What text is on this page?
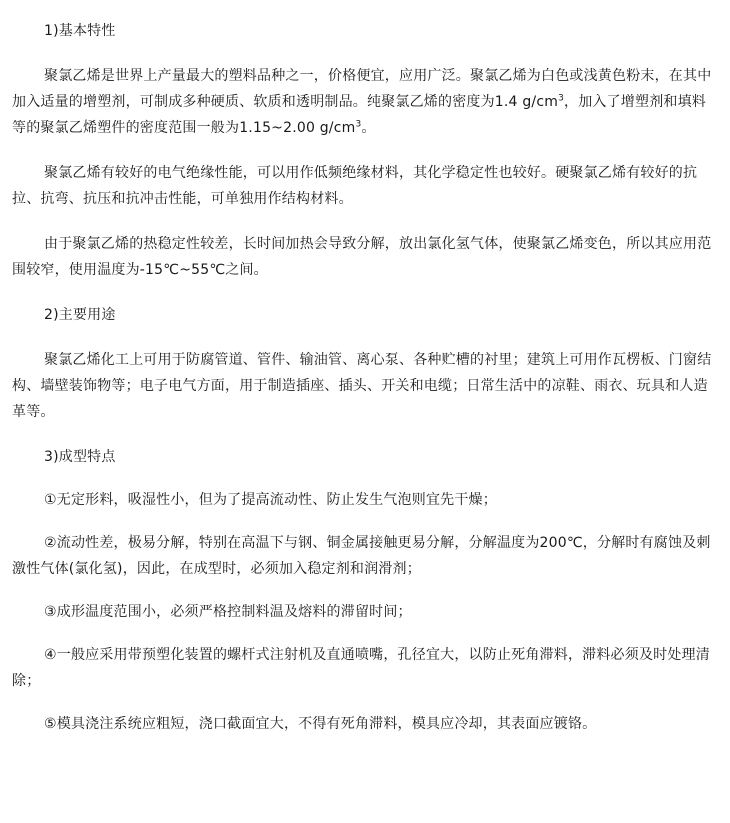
1)基本特性

聚氯乙烯是世界上产量最大的塑料品种之一，价格便宜，应用广泛。聚氯乙烯为白色或浅黄色粉末，在其中加入适量的增塑剂，可制成多种硬质、软质和透明制品。纯聚氯乙烯的密度为1.4 $g/cm^3$，加入了增塑剂和填料等的聚氯乙烯塑件的密度范围一般为1.15~2.00 $g/cm^3$。

聚氯乙烯有较好的电气绝缘性能，可以用作低频绝缘材料，其化学稳定性也较好。硬聚氯乙烯有较好的抗拉、抗弯、抗压和抗冲击性能，可单独用作结构材料。

由于聚氯乙烯的热稳定性较差，长时间加热会导致分解，放出氯化氢气体，使聚氯乙烯变色，所以其应用范围较窄，使用温度为-15℃~55℃之间。

2)主要用途

聚氯乙烯化工上可用于防腐管道、管件、输油管、离心泵、各种贮槽的衬里；建筑上可用作瓦楞板、门窗结构、墙壁装饰物等；电子电气方面，用于制造插座、插头、开关和电缆；日常生活中的凉鞋、雨衣、玩具和人造革等。

3)成型特点

①无定形料，吸湿性小，但为了提高流动性、防止发生气泡则宜先干燥；

②流动性差，极易分解，特别在高温下与钢、铜金属接触更易分解，分解温度为200℃，分解时有腐蚀及刺激性气体(氯化氢)，因此，在成型时，必须加入稳定剂和润滑剂；

③成形温度范围小，必须严格控制料温及熔料的滞留时间；

④一般应采用带预塑化装置的螺杆式注射机及直通喷嘴，孔径宜大，以防止死角滞料，滞料必须及时处理清除；

⑤模具浇注系统应粗短，浇口截面宜大，不得有死角滞料，模具应冷却，其表面应镀铬。
